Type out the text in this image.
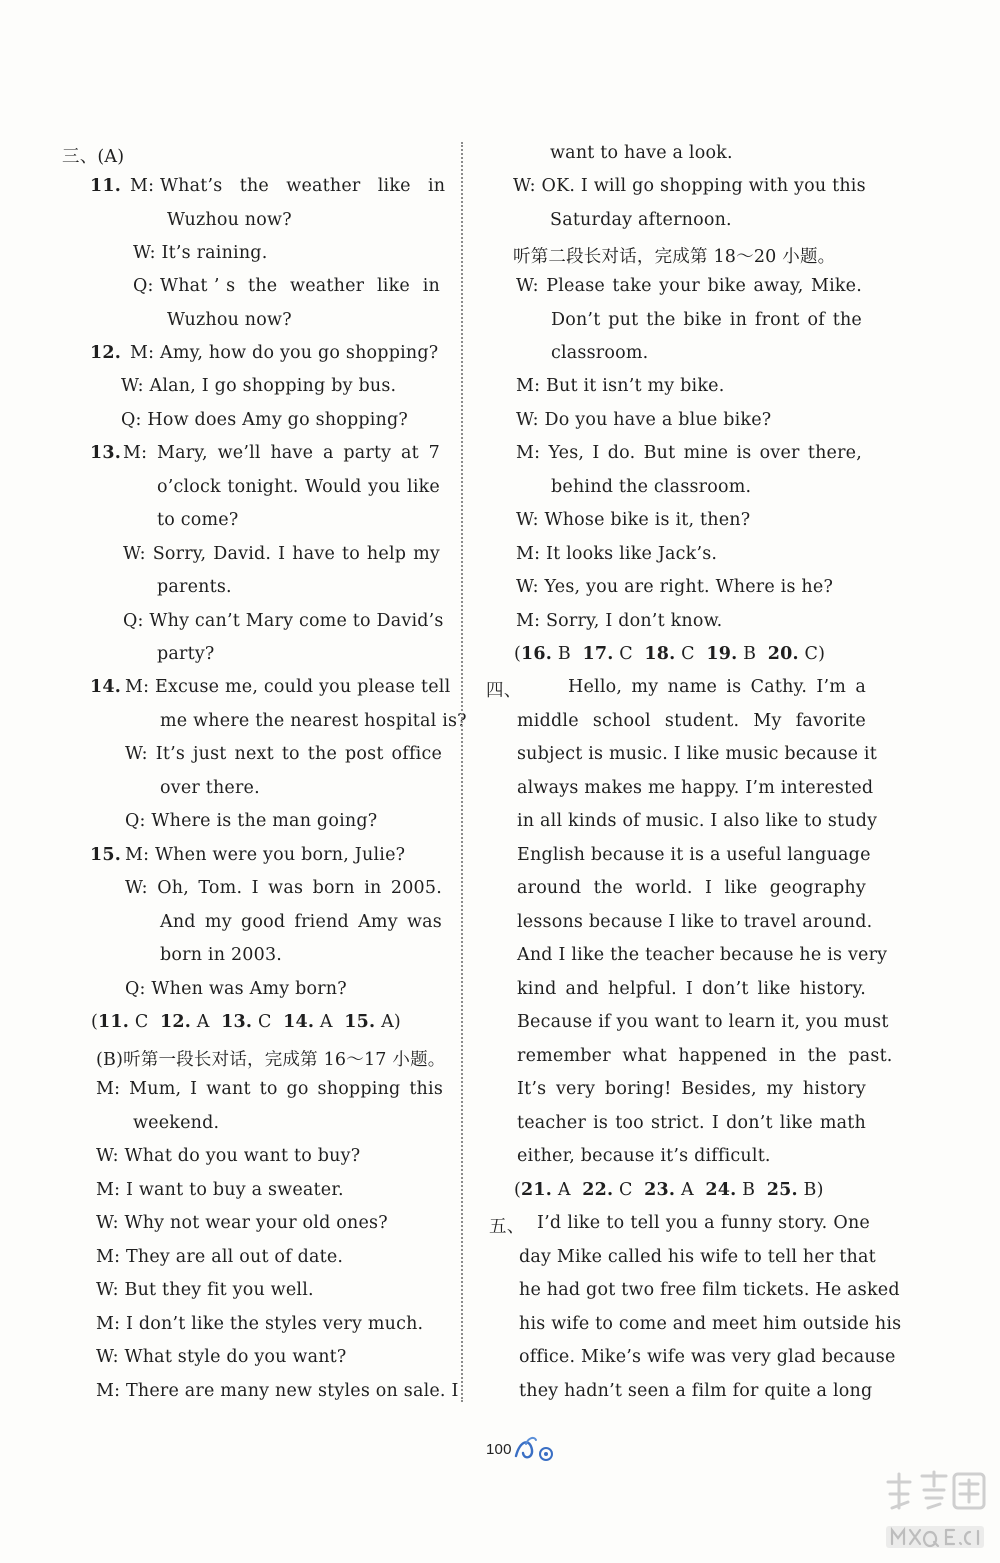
三、(A)
11. M: What’s   the   weather   like   in
Wuzhou now?
W: It’s raining.
Q: What ’ s  the  weather  like  in
Wuzhou now?
12. M: Amy, how do you go shopping?
W: Alan, I go shopping by bus.
Q: How does Amy go shopping?
13. M: Mary, we’ll have a party at 7
o’clock tonight. Would you like
to come?
W: Sorry, David. I have to help my
parents.
Q: Why can’t Mary come to David’s
party?
14. M: Excuse me, could you please tell
me where the nearest hospital is?
W: It’s just next to the post office
over there.
Q: Where is the man going?
15. M: When were you born, Julie?
W: Oh, Tom. I was born in 2005.
And my good friend Amy was
born in 2003.
Q: When was Amy born?
(11. C  12. A  13. C  14. A  15. A)
(B)听第一段长对话，完成第 16～17 小题。
M: Mum, I want to go shopping this
weekend.
W: What do you want to buy?
M: I want to buy a sweater.
W: Why not wear your old ones?
M: They are all out of date.
W: But they fit you well.
M: I don’t like the styles very much.
W: What style do you want?
M: There are many new styles on sale. I
want to have a look.
W: OK. I will go shopping with you this
Saturday afternoon.
听第二段长对话，完成第 18～20 小题。
W: Please take your bike away, Mike.
Don’t put the bike in front of the
classroom.
M: But it isn’t my bike.
W: Do you have a blue bike?
M: Yes, I do. But mine is over there,
behind the classroom.
W: Whose bike is it, then?
M: It looks like Jack’s.
W: Yes, you are right. Where is he?
M: Sorry, I don’t know.
(16. B  17. C  18. C  19. B  20. C)
四、	Hello, my name is Cathy. I’m a
middle  school  student.  My  favorite
subject is music. I like music because it
always makes me happy. I’m interested
in all kinds of music. I also like to study
English because it is a useful language
around  the  world.  I  like  geography
lessons because I like to travel around.
And I like the teacher because he is very
kind and helpful. I don’t like history.
Because if you want to learn it, you must
remember  what  happened  in  the  past.
It’s very boring! Besides, my history
teacher is too strict. I don’t like math
either, because it’s difficult.
(21. A  22. C  23. A  24. B  25. B)
五、 I’d like to tell you a funny story. One
day Mike called his wife to tell her that
he had got two free film tickets. He asked
his wife to come and meet him outside his
office. Mike’s wife was very glad because
they hadn’t seen a film for quite a long
100
